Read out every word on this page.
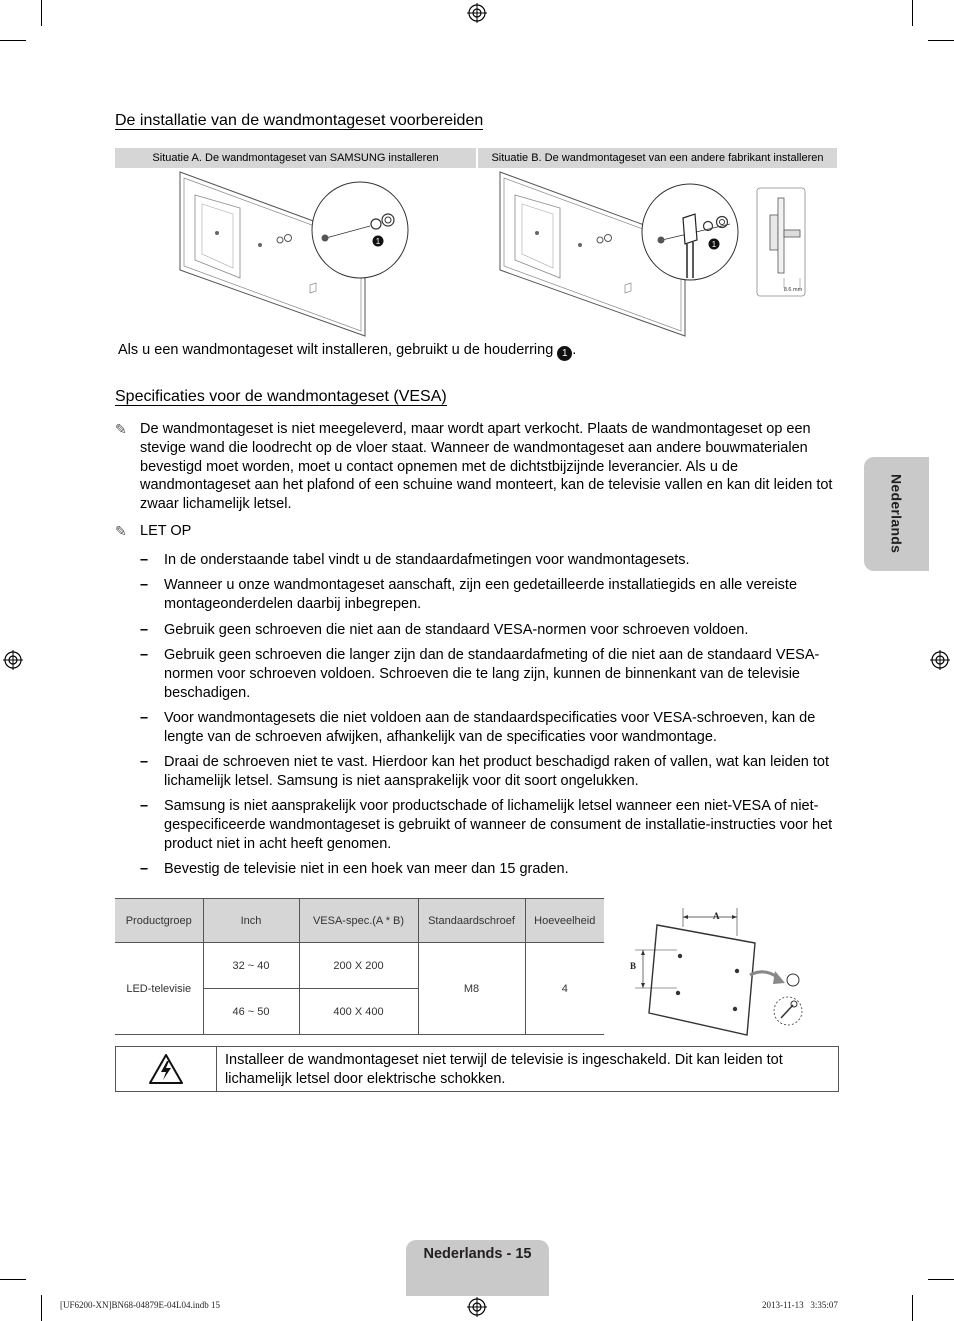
Nederlands
De installatie van de wandmontageset voorbereiden
Situatie A. De wandmontageset van SAMSUNG installeren	Situatie B. De wandmontageset van een andere fabrikant installeren
1	1
8.6 mm
Als u een wandmontageset wilt installeren, gebruikt u de houderring 1 .
Specificaties voor de wandmontageset (VESA)
✎ De wandmontageset is niet meegeleverd, maar wordt apart verkocht. Plaats de wandmontageset op een stevige wand die loodrecht op de vloer staat. Wanneer de wandmontageset aan andere bouwmaterialen bevestigd moet worden, moet u contact opnemen met de dichtstbijzijnde leverancier. Als u de wandmontageset aan het plafond of een schuine wand monteert, kan de televisie vallen en kan dit leiden tot zwaar lichamelijk letsel.
✎ LET OP
– In de onderstaande tabel vindt u de standaardafmetingen voor wandmontagesets.
– Wanneer u onze wandmontageset aanschaft, zijn een gedetailleerde installatiegids en alle vereiste montageonderdelen daarbij inbegrepen.
– Gebruik geen schroeven die niet aan de standaard VESA-normen voor schroeven voldoen.
– Gebruik geen schroeven die langer zijn dan de standaardafmeting of die niet aan de standaard VESA-normen voor schroeven voldoen. Schroeven die te lang zijn, kunnen de binnenkant van de televisie beschadigen.
– Voor wandmontagesets die niet voldoen aan de standaardspecificaties voor VESA-schroeven, kan de lengte van de schroeven afwijken, afhankelijk van de specificaties voor wandmontage.
– Draai de schroeven niet te vast. Hierdoor kan het product beschadigd raken of vallen, wat kan leiden tot lichamelijk letsel. Samsung is niet aansprakelijk voor dit soort ongelukken.
– Samsung is niet aansprakelijk voor productschade of lichamelijk letsel wanneer een niet-VESA of niet-gespecificeerde wandmontageset is gebruikt of wanneer de consument de installatie-instructies voor het product niet in acht heeft genomen.
– Bevestig de televisie niet in een hoek van meer dan 15 graden.
Productgroep	Inch	VESA-spec.(A * B)	Standaardschroef	Hoeveelheid
LED-televisie	32 ~ 40	200 X 200	M8	4
	46 ~ 50	400 X 400		
A
B
Installeer de wandmontageset niet terwijl de televisie is ingeschakeld. Dit kan leiden tot lichamelijk letsel door elektrische schokken.
Nederlands - 15
[UF6200-XN]BN68-04879E-04L04.indb 15	2013-11-13   3:35:07
